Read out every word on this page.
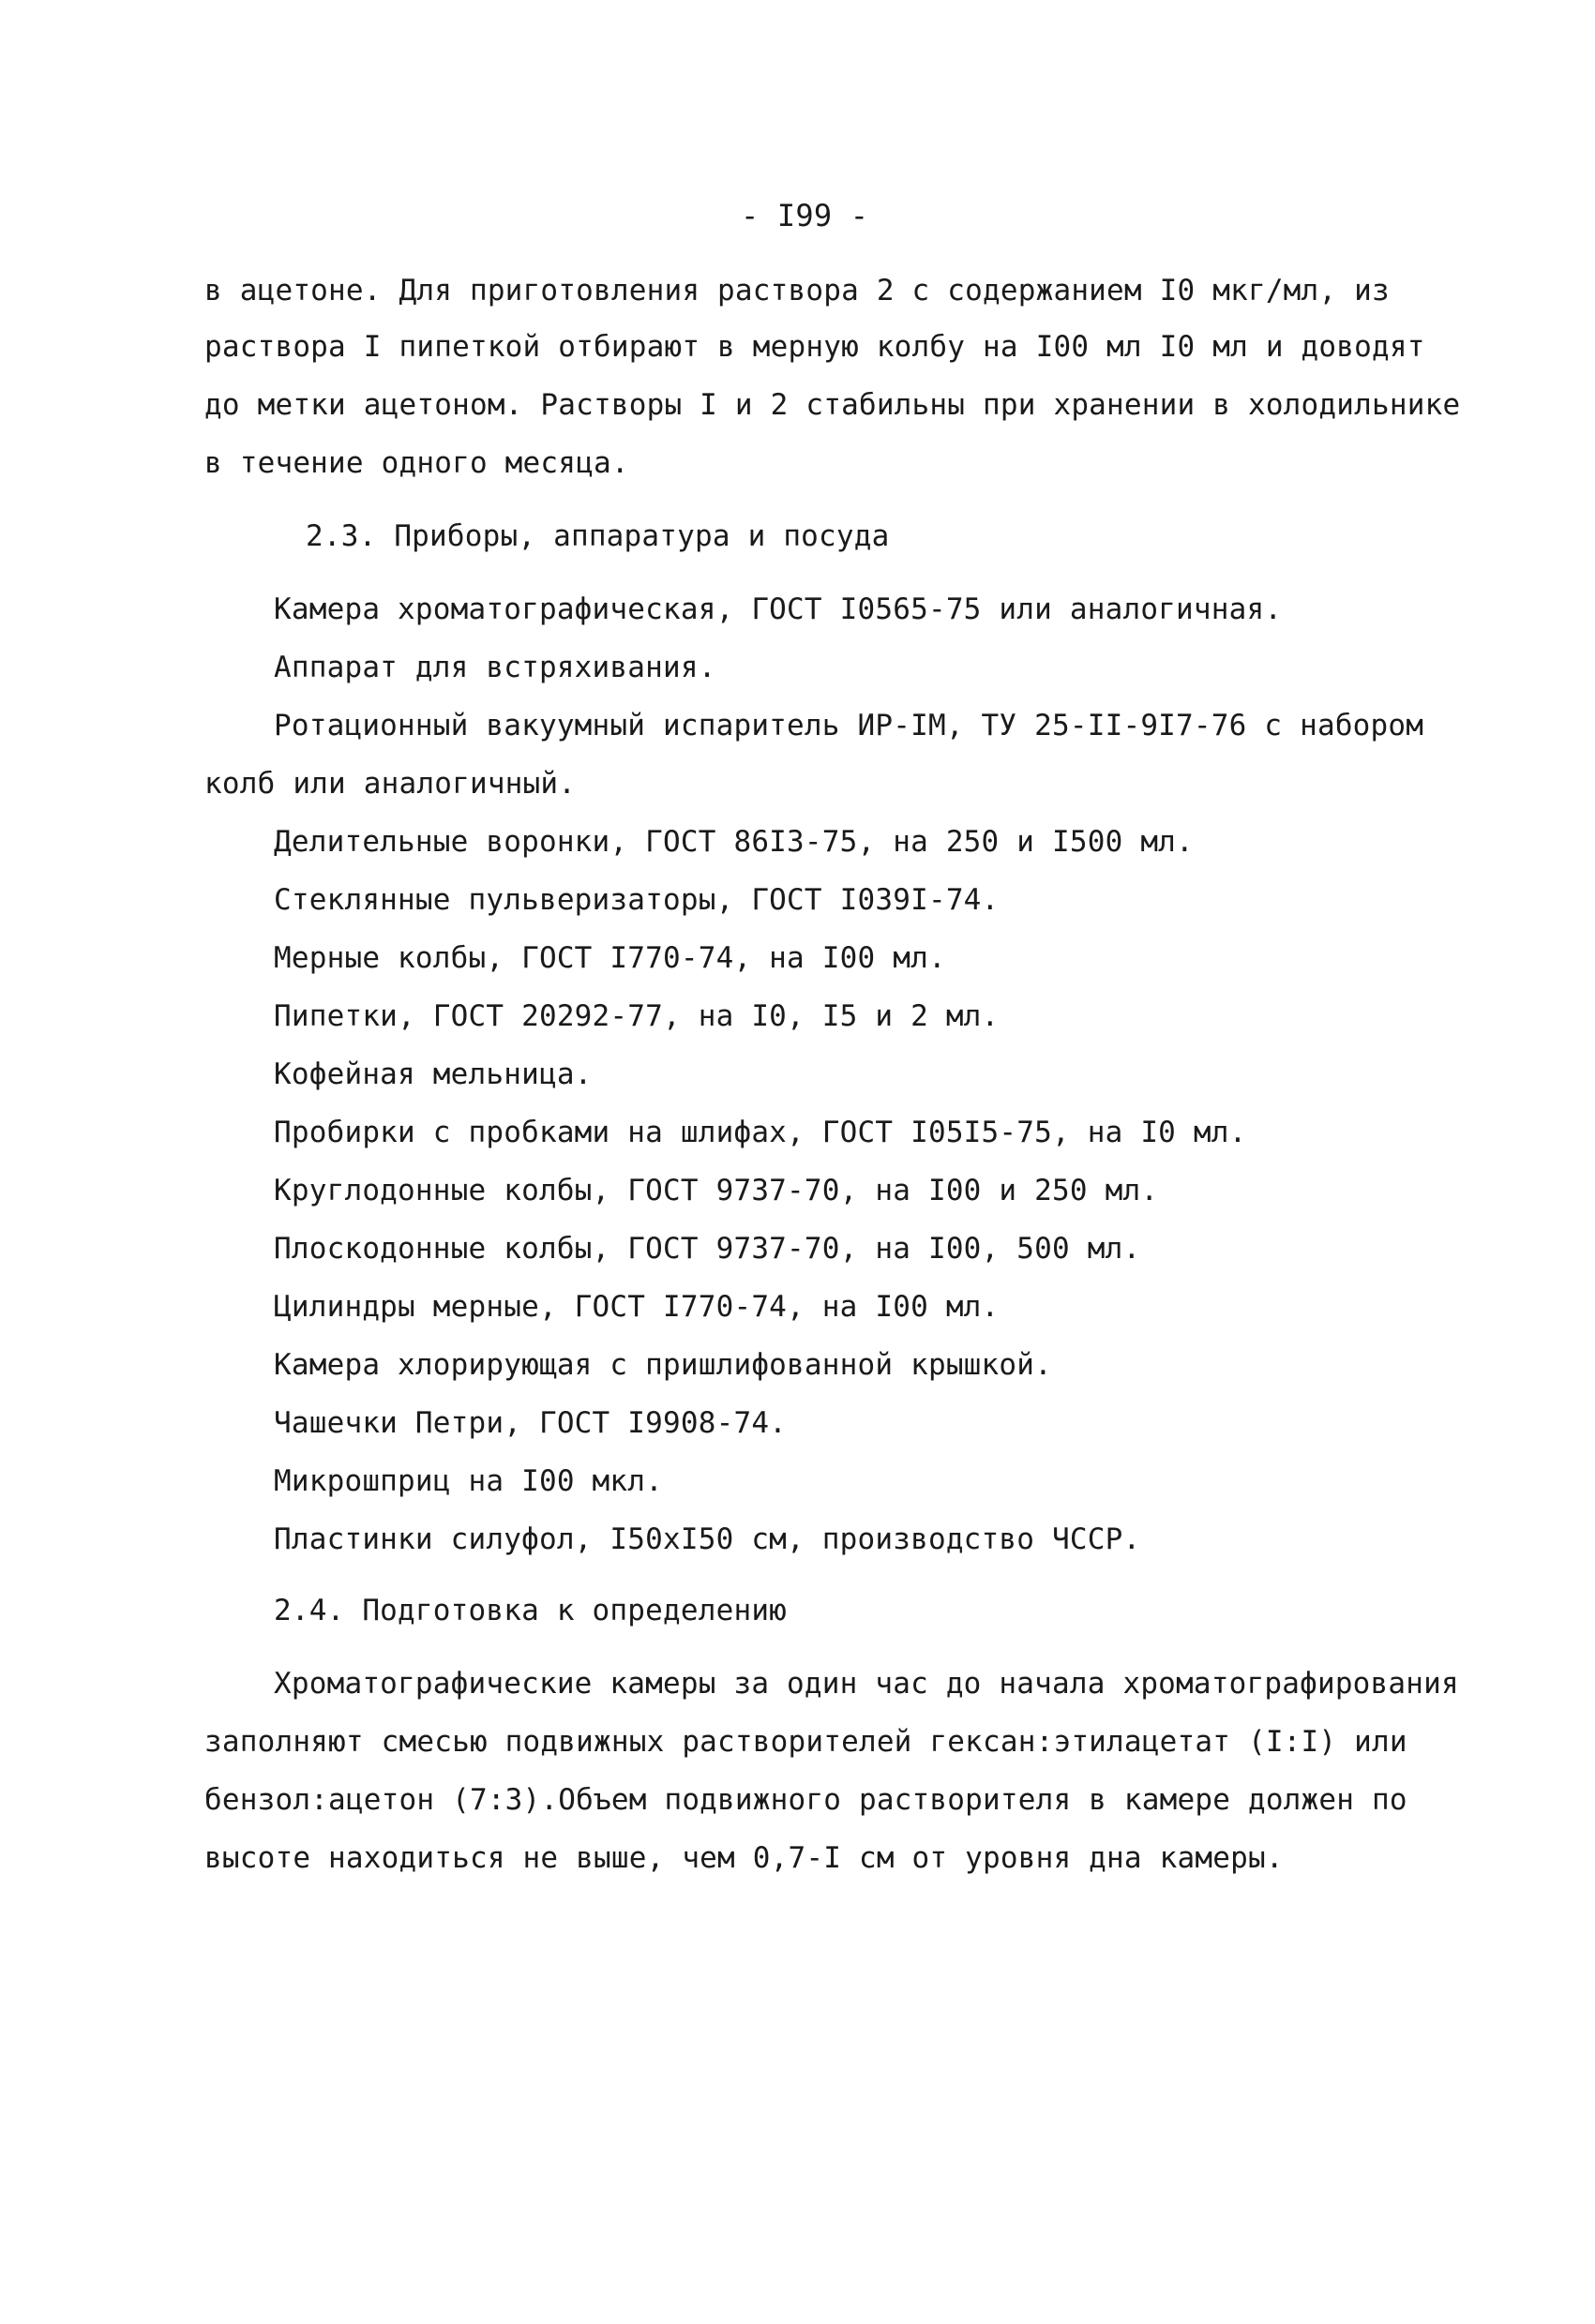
- I99 -
в ацетоне. Для приготовления раствора 2 с содержанием I0 мкг/мл, из
раствора I пипеткой отбирают в мерную колбу на I00 мл I0 мл и доводят
до метки ацетоном. Растворы I и 2 стабильны при хранении в холодильнике
в течение одного месяца.
2.3. Приборы, аппаратура и посуда
Камера хроматографическая, ГОСТ I0565-75 или аналогичная.
Аппарат для встряхивания.
Ротационный вакуумный испаритель ИР-IМ, ТУ 25-II-9I7-76 с набором
колб или аналогичный.
Делительные воронки, ГОСТ 86I3-75, на 250 и I500 мл.
Стеклянные пульверизаторы, ГОСТ I039I-74.
Мерные колбы, ГОСТ I770-74, на I00 мл.
Пипетки, ГОСТ 20292-77, на I0, I5 и 2 мл.
Кофейная мельница.
Пробирки с пробками на шлифах, ГОСТ I05I5-75, на I0 мл.
Круглодонные колбы, ГОСТ 9737-70, на I00 и 250 мл.
Плоскодонные колбы, ГОСТ 9737-70, на I00, 500 мл.
Цилиндры мерные, ГОСТ I770-74, на I00 мл.
Камера хлорирующая с пришлифованной крышкой.
Чашечки Петри, ГОСТ I9908-74.
Микрошприц на I00 мкл.
Пластинки силуфол, I50хI50 см, производство ЧССР.
2.4. Подготовка к определению
Хроматографические камеры за один час до начала хроматографирования
заполняют смесью подвижных растворителей гексан:этилацетат (I:I) или
бензол:ацетон (7:3).Объем подвижного растворителя в камере должен по
высоте находиться не выше, чем 0,7-I см от уровня дна камеры.
